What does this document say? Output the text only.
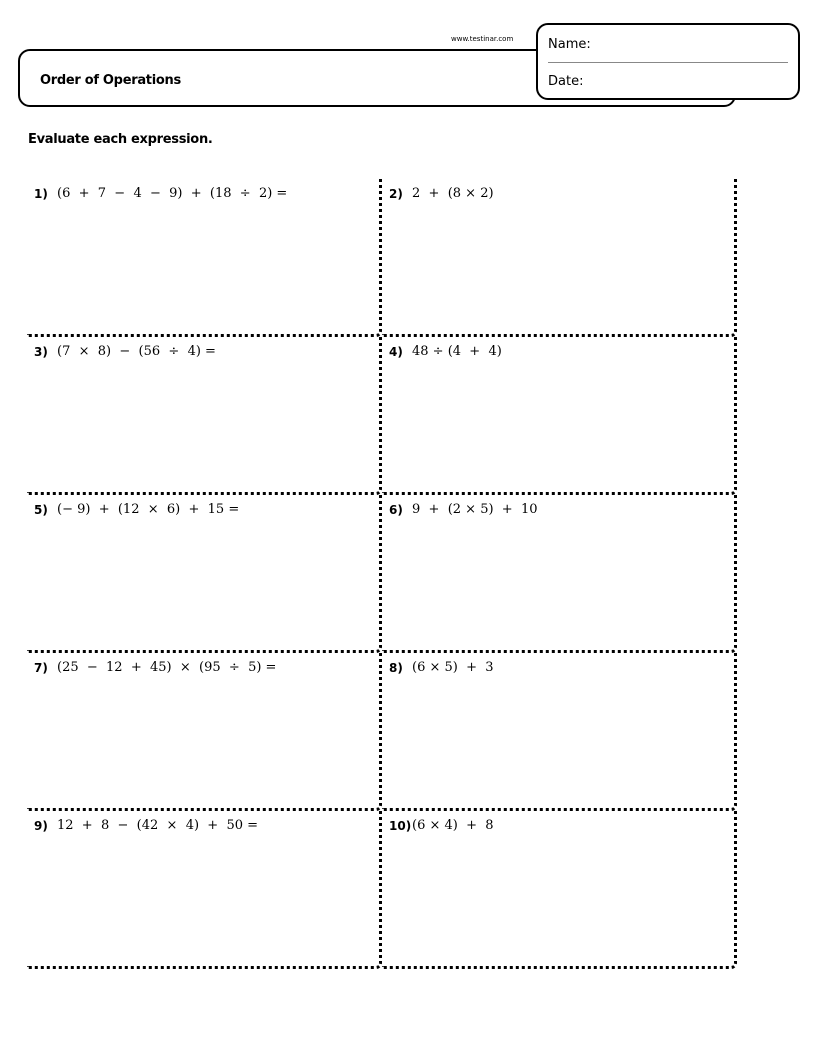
www.testinar.com
Order of Operations
Name:
Date:
Evaluate each expression.
1) (6  +  7  −  4  −  9)  +  (18  ÷  2) =	2) 2  +  (8 × 2)
3) (7  ×  8)  −  (56  ÷  4) =	4) 48 ÷ (4  +  4)
5) (− 9)  +  (12  ×  6)  +  15 =	6) 9  +  (2 × 5)  +  10
7) (25  −  12  +  45)  ×  (95  ÷  5) =	8) (6 × 5)  +  3
9) 12  +  8  −  (42  ×  4)  +  50 =	10) (6 × 4)  +  8
